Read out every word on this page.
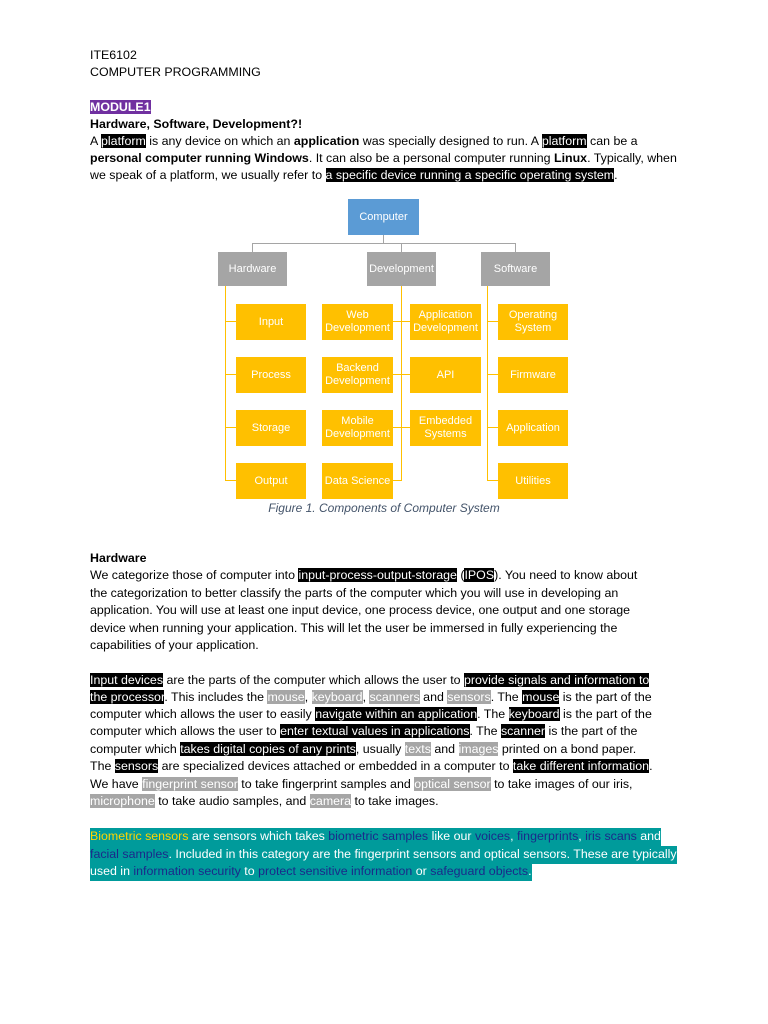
ITE6102
COMPUTER PROGRAMMING
MODULE1
Hardware, Software, Development?!
A platform is any device on which an application was specially designed to run. A platform can be a
personal computer running Windows. It can also be a personal computer running Linux. Typically, when
we speak of a platform, we usually refer to a specific device running a specific operating system.
Computer
Hardware	Development	Software
Input
Process
Storage
Output
Web Development
Backend Development
Mobile Development
Data Science
Application Development
API
Embedded Systems
Operating System
Firmware
Application
Utilities
Figure 1. Components of Computer System
Hardware
We categorize those of computer into input-process-output-storage (IPOS). You need to know about
the categorization to better classify the parts of the computer which you will use in developing an
application. You will use at least one input device, one process device, one output and one storage
device when running your application. This will let the user be immersed in fully experiencing the
capabilities of your application.
Input devices are the parts of the computer which allows the user to provide signals and information to
the processor. This includes the mouse, keyboard, scanners and sensors. The mouse is the part of the
computer which allows the user to easily navigate within an application. The keyboard is the part of the
computer which allows the user to enter textual values in applications. The scanner is the part of the
computer which takes digital copies of any prints, usually texts and images printed on a bond paper.
The sensors are specialized devices attached or embedded in a computer to take different information.
We have fingerprint sensor to take fingerprint samples and optical sensor to take images of our iris,
microphone to take audio samples, and camera to take images.
Biometric sensors are sensors which takes biometric samples like our voices, fingerprints, iris scans and
facial samples. Included in this category are the fingerprint sensors and optical sensors. These are typically
used in information security to protect sensitive information or safeguard objects.
